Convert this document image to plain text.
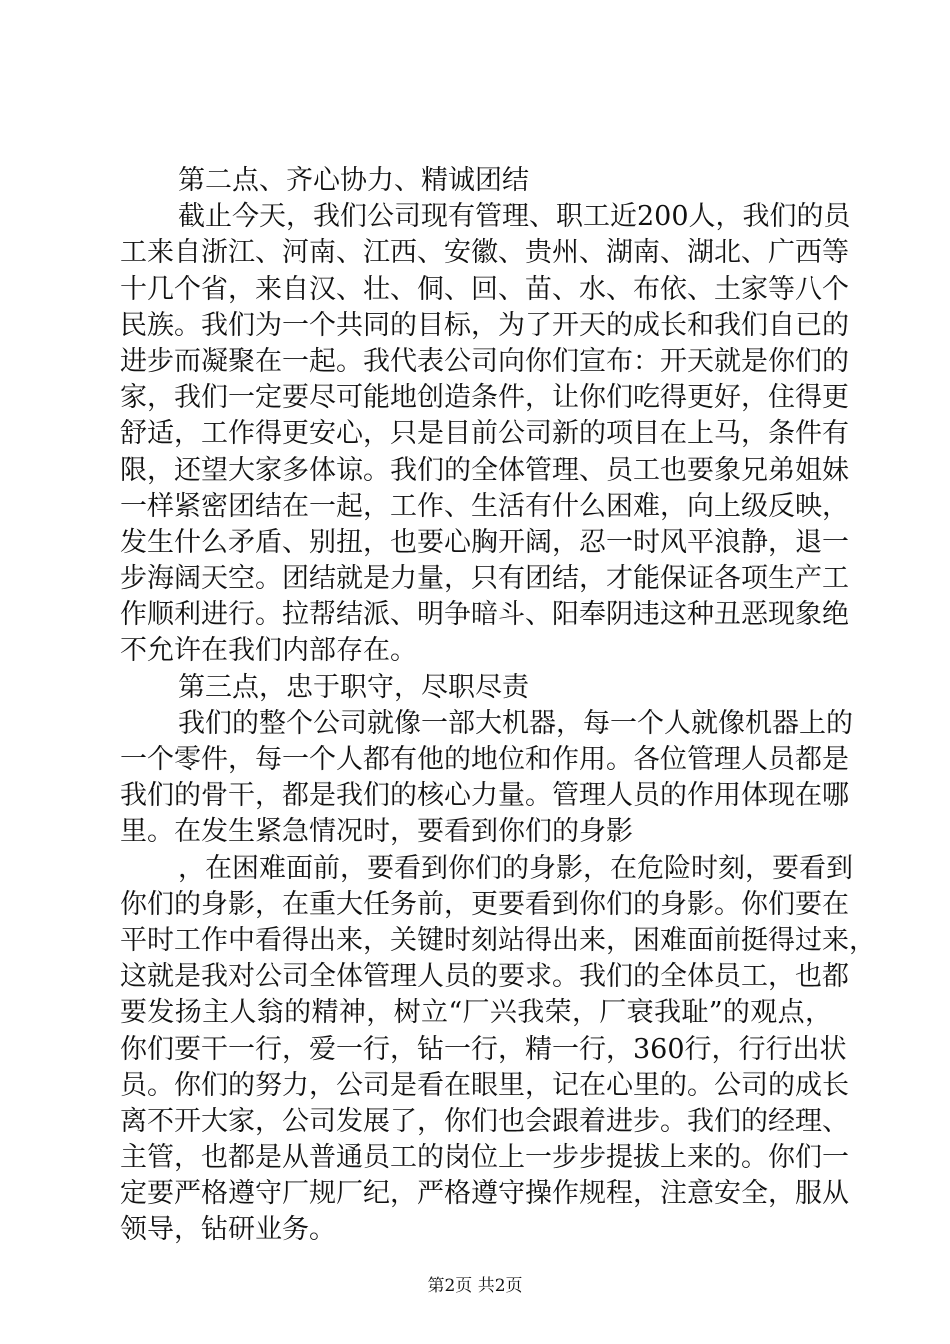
第二点、齐心协力、精诚团结
截止今天，我们公司现有管理、职工近200人，我们的员
工来自浙江、河南、江西、安徽、贵州、湖南、湖北、广西等
十几个省，来自汉、壮、侗、回、苗、水、布依、土家等八个
民族。我们为一个共同的目标，为了开天的成长和我们自已的
进步而凝聚在一起。我代表公司向你们宣布：开天就是你们的
家，我们一定要尽可能地创造条件，让你们吃得更好，住得更
舒适，工作得更安心，只是目前公司新的项目在上马，条件有
限，还望大家多体谅。我们的全体管理、员工也要象兄弟姐妹
一样紧密团结在一起，工作、生活有什么困难，向上级反映，
发生什么矛盾、别扭，也要心胸开阔，忍一时风平浪静，退一
步海阔天空。团结就是力量，只有团结，才能保证各项生产工
作顺利进行。拉帮结派、明争暗斗、阳奉阴违这种丑恶现象绝
不允许在我们内部存在。
第三点，忠于职守，尽职尽责
我们的整个公司就像一部大机器，每一个人就像机器上的
一个零件，每一个人都有他的地位和作用。各位管理人员都是
我们的骨干，都是我们的核心力量。管理人员的作用体现在哪
里。在发生紧急情况时，要看到你们的身影
，在困难面前，要看到你们的身影，在危险时刻，要看到
你们的身影，在重大任务前，更要看到你们的身影。你们要在
平时工作中看得出来，关键时刻站得出来，困难面前挺得过来，
这就是我对公司全体管理人员的要求。我们的全体员工，也都
要发扬主人翁的精神，树立“厂兴我荣，厂衰我耻”的观点，
你们要干一行，爱一行，钻一行，精一行，360行，行行出状
员。你们的努力，公司是看在眼里，记在心里的。公司的成长
离不开大家，公司发展了，你们也会跟着进步。我们的经理、
主管，也都是从普通员工的岗位上一步步提拔上来的。你们一
定要严格遵守厂规厂纪，严格遵守操作规程，注意安全，服从
领导，钻研业务。
第2页 共2页
